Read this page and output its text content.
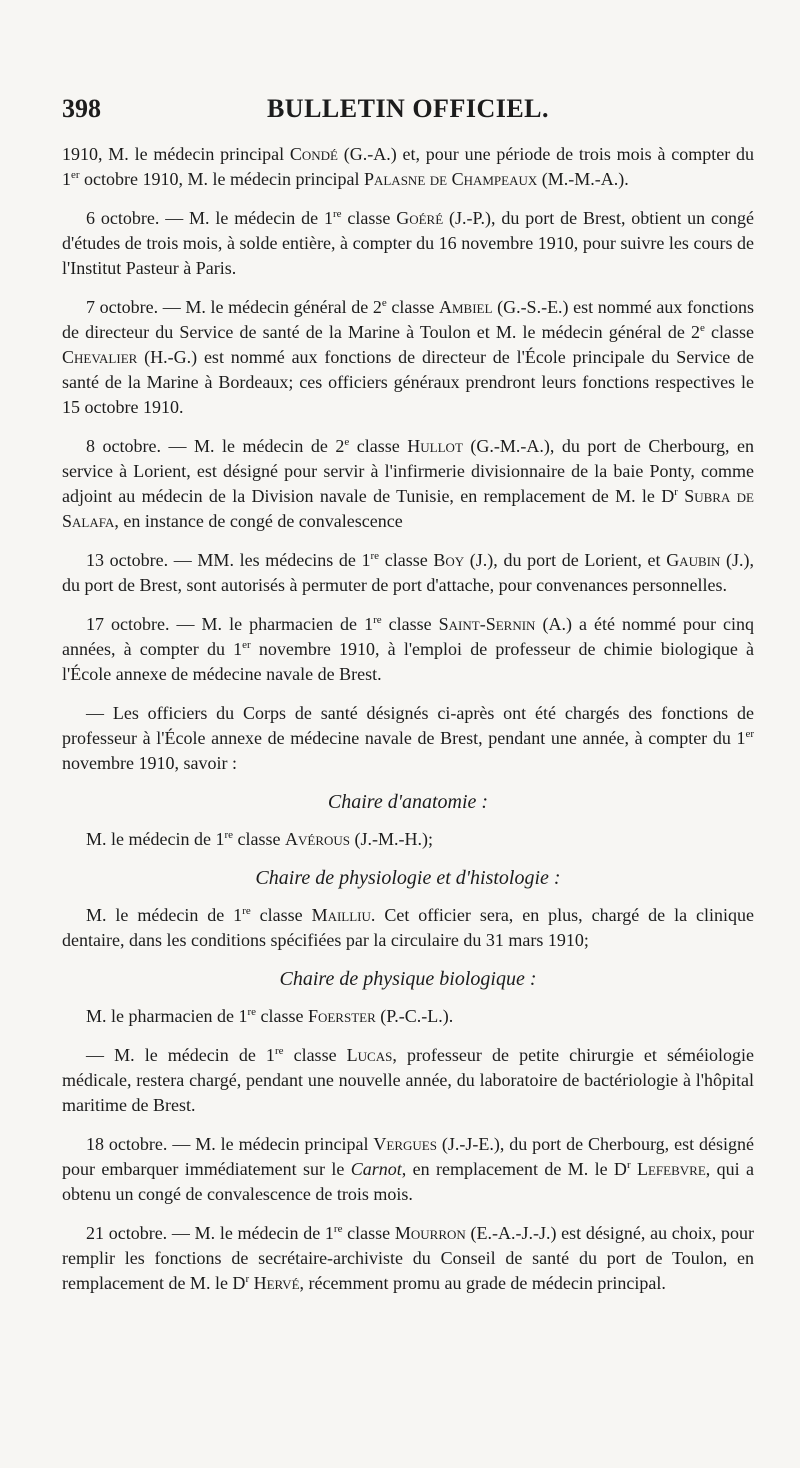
398	BULLETIN OFFICIEL.

1910, M. le médecin principal Condé (G.-A.) et, pour une période de trois mois à compter du 1er octobre 1910, M. le médecin principal Palasne de Champeaux (M.-M.-A.).

6 octobre. — M. le médecin de 1re classe Goéré (J.-P.), du port de Brest, obtient un congé d'études de trois mois, à solde entière, à compter du 16 novembre 1910, pour suivre les cours de l'Institut Pasteur à Paris.

7 octobre. — M. le médecin général de 2e classe Ambiel (G.-S.-E.) est nommé aux fonctions de directeur du Service de santé de la Marine à Toulon et M. le médecin général de 2e classe Chevalier (H.-G.) est nommé aux fonctions de directeur de l'École principale du Service de santé de la Marine à Bordeaux; ces officiers généraux prendront leurs fonctions respectives le 15 octobre 1910.

8 octobre. — M. le médecin de 2e classe Hullot (G.-M.-A.), du port de Cherbourg, en service à Lorient, est désigné pour servir à l'infirmerie divisionnaire de la baie Ponty, comme adjoint au médecin de la Division navale de Tunisie, en remplacement de M. le $D^r$ Subra de Salafa, en instance de congé de convalescence

13 octobre. — MM. les médecins de 1re classe Boy (J.), du port de Lorient, et Gaubin (J.), du port de Brest, sont autorisés à permuter de port d'attache, pour convenances personnelles.

17 octobre. — M. le pharmacien de 1re classe Saint-Sernin (A.) a été nommé pour cinq années, à compter du 1er novembre 1910, à l'emploi de professeur de chimie biologique à l'École annexe de médecine navale de Brest.

— Les officiers du Corps de santé désignés ci-après ont été chargés des fonctions de professeur à l'École annexe de médecine navale de Brest, pendant une année, à compter du 1er novembre 1910, savoir :

Chaire d'anatomie :

M. le médecin de 1re classe Avérous (J.-M.-H.);

Chaire de physiologie et d'histologie :

M. le médecin de 1re classe Mailliu. Cet officier sera, en plus, chargé de la clinique dentaire, dans les conditions spécifiées par la circulaire du 31 mars 1910;

Chaire de physique biologique :

M. le pharmacien de 1re classe Foerster (P.-C.-L.).

— M. le médecin de 1re classe Lucas, professeur de petite chirurgie et séméiologie médicale, restera chargé, pendant une nouvelle année, du laboratoire de bactériologie à l'hôpital maritime de Brest.

18 octobre. — M. le médecin principal Vergues (J.-J-E.), du port de Cherbourg, est désigné pour embarquer immédiatement sur le Carnot, en remplacement de M. le $D^r$ Lefebvre, qui a obtenu un congé de convalescence de trois mois.

21 octobre. — M. le médecin de 1re classe Mourron (E.-A.-J.-J.) est désigné, au choix, pour remplir les fonctions de secrétaire-archiviste du Conseil de santé du port de Toulon, en remplacement de M. le $D^r$ Hervé, récemment promu au grade de médecin principal.
